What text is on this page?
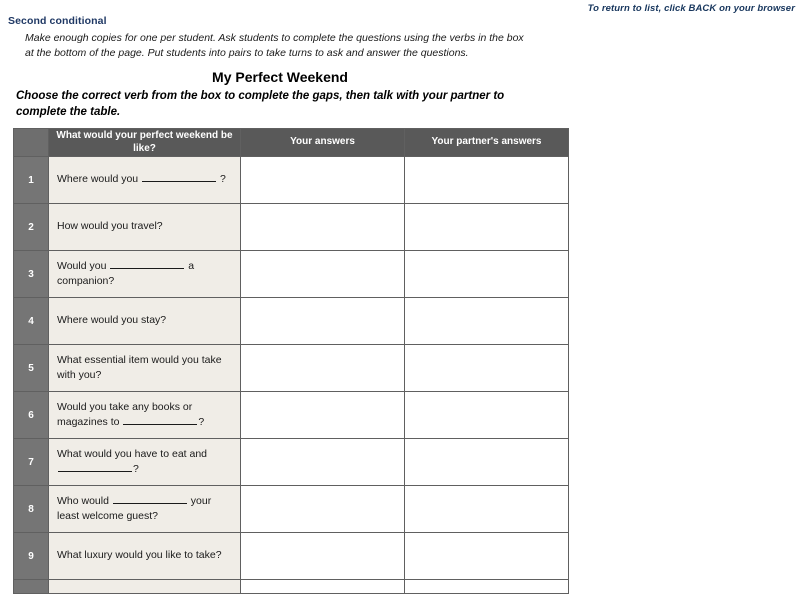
To return to list, click BACK on your browser
Second conditional
Make enough copies for one per student. Ask students to complete the questions using the verbs in the box at the bottom of the page. Put students into pairs to take turns to ask and answer the questions.
My Perfect Weekend
Choose the correct verb from the box to complete the gaps, then talk with your partner to complete the table.
	What would your perfect weekend be like?	Your answers	Your partner's answers
1	Where would you ?		
2	How would you travel?		
3	Would you a companion?		
4	Where would you stay?		
5	What essential item would you take with you?		
6	Would you take any books or magazines to ?		
7	What would you have to eat and ?		
8	Who would your least welcome guest?		
9	What luxury would you like to take?		
